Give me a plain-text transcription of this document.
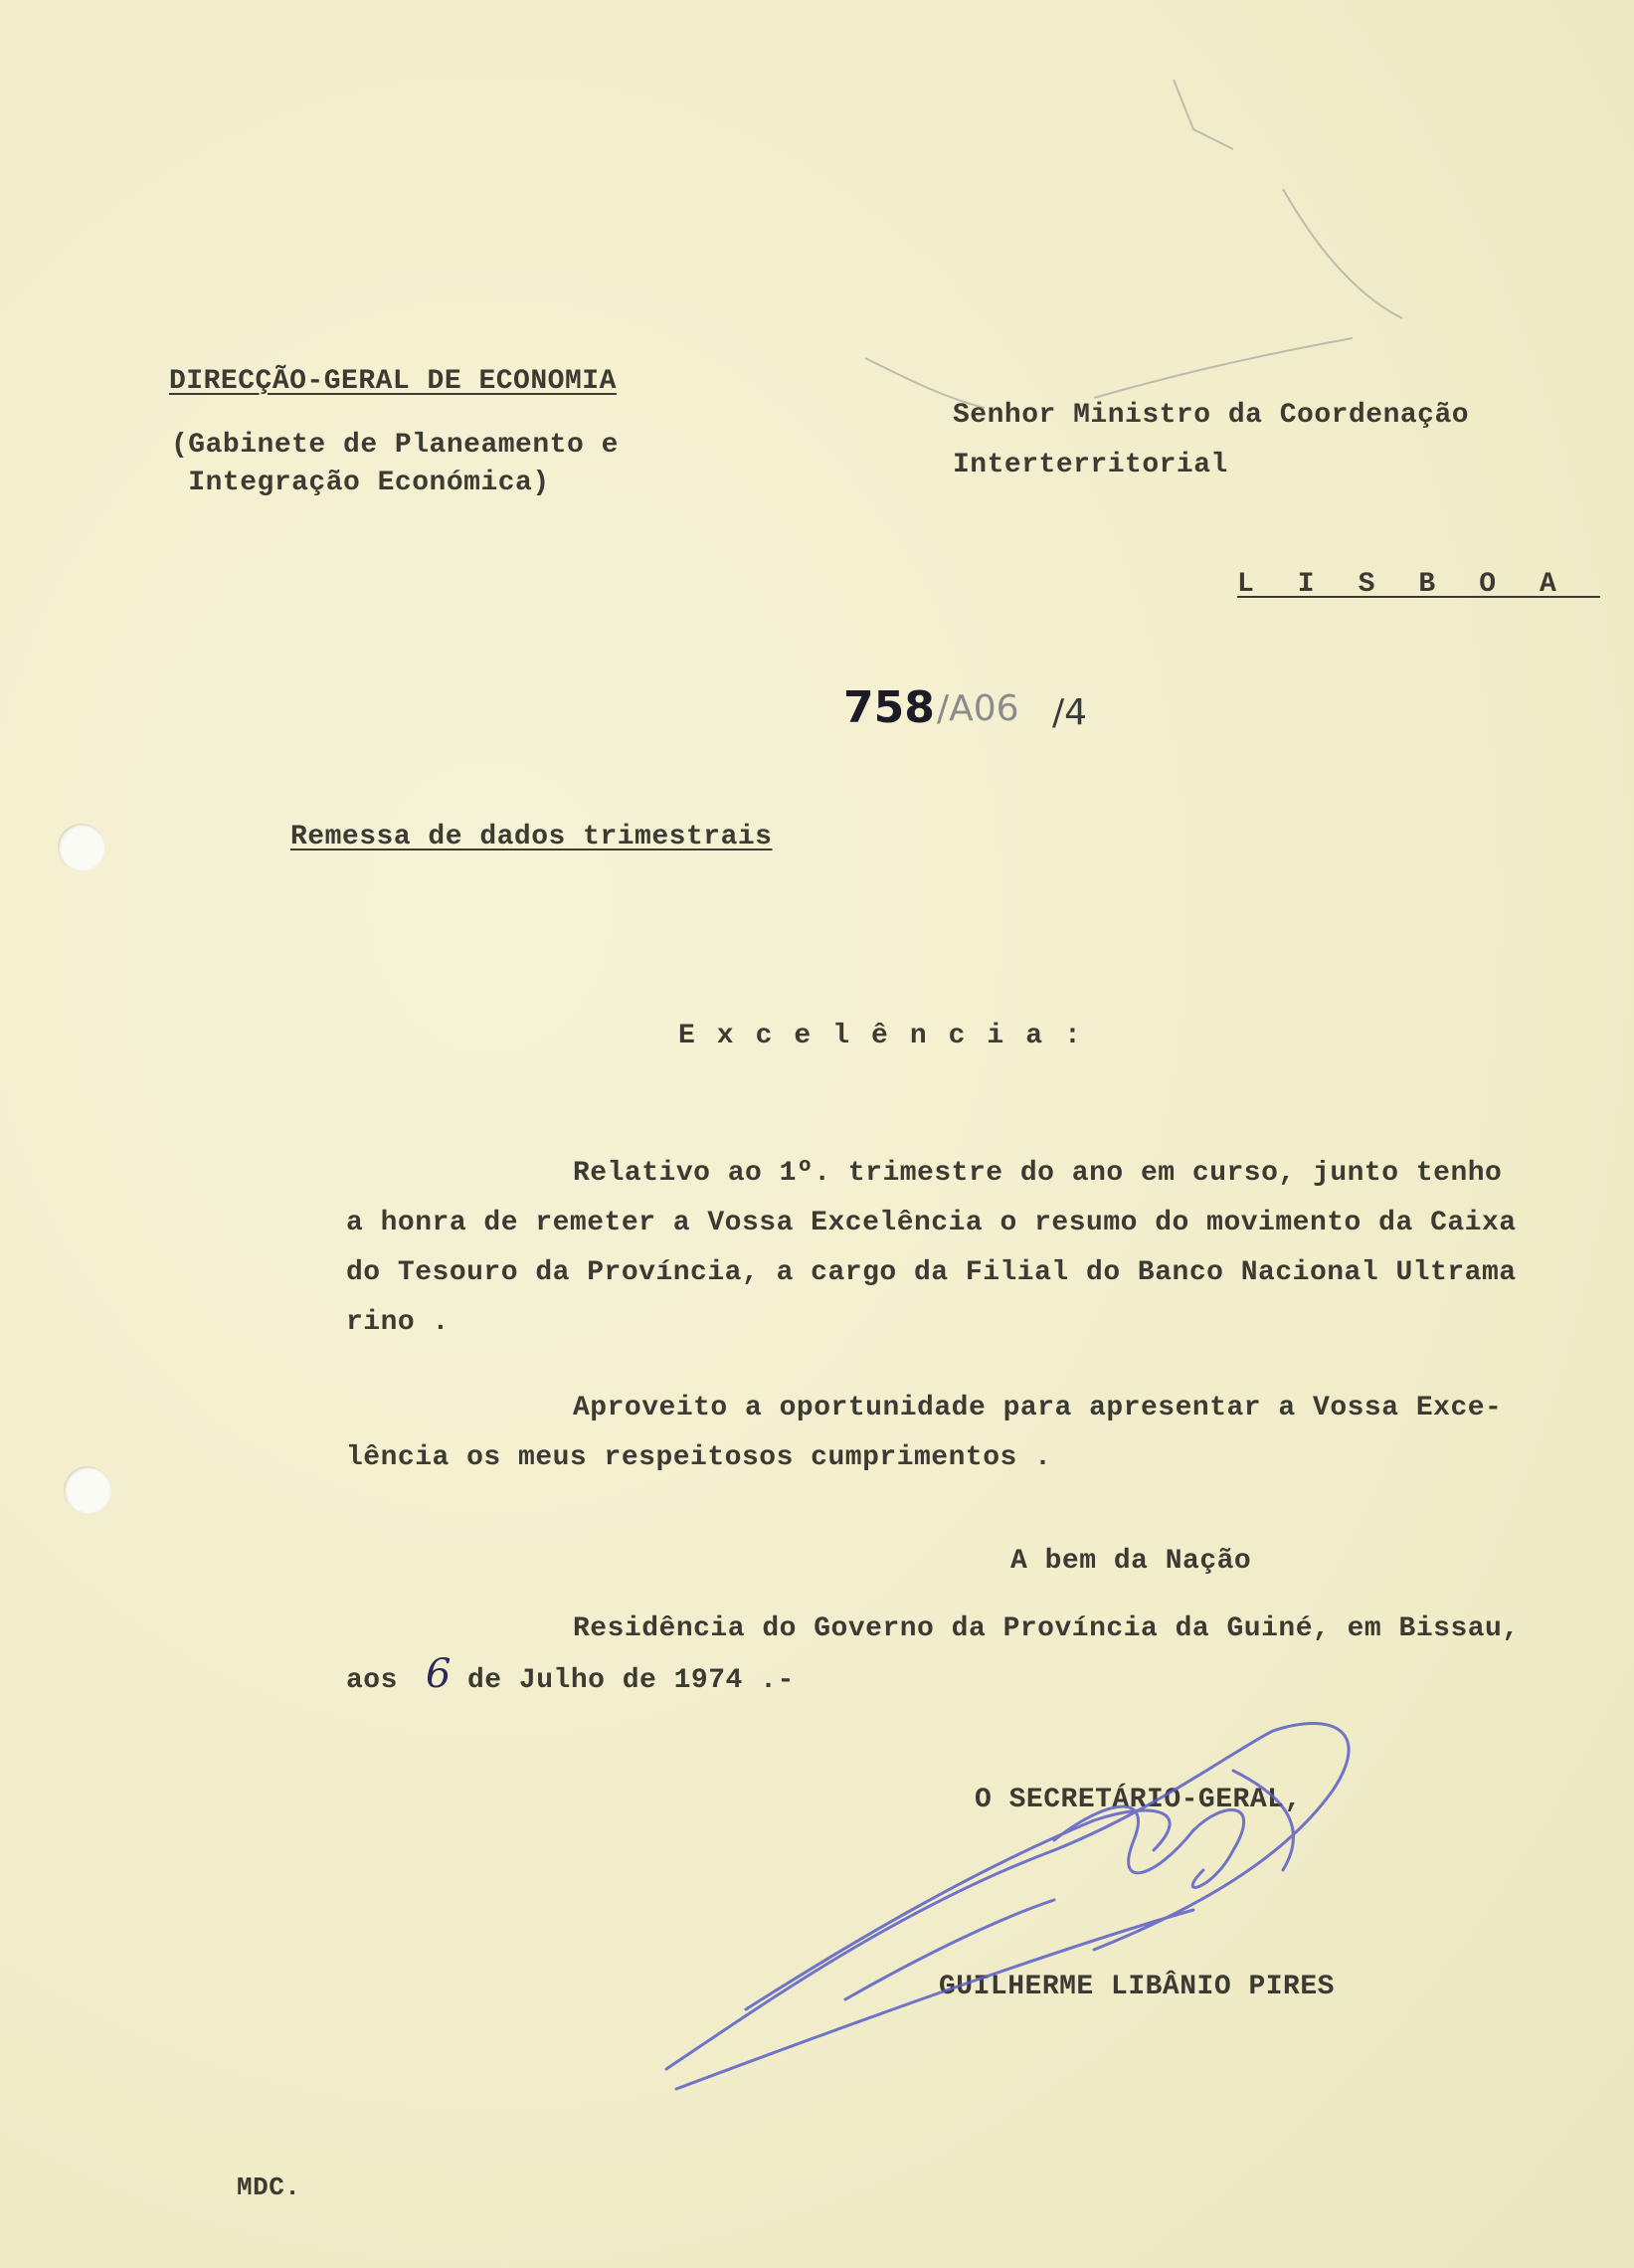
DIRECÇÃO-GERAL DE ECONOMIA
(Gabinete de Planeamento e
Integração Económica)
Senhor Ministro da Coordenação
Interterritorial
LISBOA
758 /A06 /4
Remessa de dados trimestrais
Excelência:
Relativo ao 1º. trimestre do ano em curso, junto tenho
a honra de remeter a Vossa Excelência o resumo do movimento da Caixa
do Tesouro da Província, a cargo da Filial do Banco Nacional Ultrama
rino .
Aproveito a oportunidade para apresentar a Vossa Exce-
lência os meus respeitosos cumprimentos .
A bem da Nação
Residência do Governo da Província da Guiné, em Bissau,
aos 6 de Julho de 1974 .-
O SECRETÁRIO-GERAL,
GUILHERME LIBÂNIO PIRES
MDC.
